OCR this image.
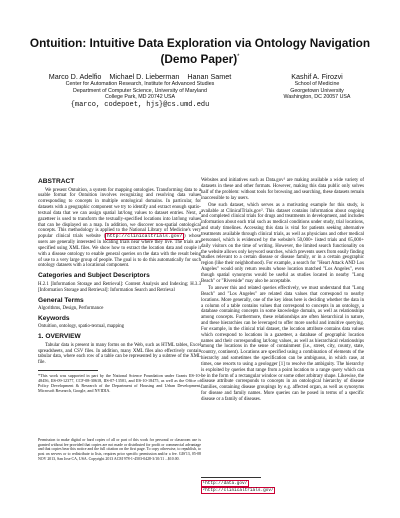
Ontuition: Intuitive Data Exploration via Ontology Navigation
(Demo Paper)*
Marco D. Adelfio    Michael D. Lieberman    Hanan Samet
Center for Automation Research, Institute for Advanced Studies
Department of Computer Science, University of Maryland
College Park, MD 20742 USA
{marco, codepoet, hjs}@cs.umd.edu
Kashif A. Firozvi
School of Medicine
Georgetown University
Washington, DC 20057 USA
ABSTRACT

We present Ontuition, a system for mapping ontologies. Transforming data to a usable format for Ontuition involves recognizing and resolving data values corresponding to concepts in multiple ontological domains. In particular, for datasets with a geographic component we try to identify and extract enough spatio-textual data that we can assign spatial lat/long values to dataset entries. Next, a gazetteer is used to transform the textually-specified locations into lat/long values that can be displayed on a map. In addition, we discover non-spatial ontological concepts. This methodology is applied to the National Library of Medicine's very popular clinical trials website ( http://clinicaltrials.gov/ ) whose users are generally interested in locating trials near where they live. The trials are specified using XML files. We show how to extract the location data and couple it with a disease ontology to enable general queries on the data with the result being of use to a very large group of people. The goal is to do this automatically for such ontology datasets with a locational component.

Categories and Subject Descriptors

H.2.1 [Information Storage and Retrieval]: Content Analysis and Indexing; H.3.3 [Information Storage and Retrieval]: Information Search and Retrieval

General Terms

Algorithms, Design, Performance

Keywords

Ontuition, ontology, spatio-textual, mapping

1. OVERVIEW

Tabular data is present in many forms on the Web, such as HTML tables, Excel spreadsheets, and CSV files. In addition, many XML files also effectively contain tabular data, where each row of a table can be represented by a subtree of the XML file.

*This work was supported in part by the National Science Foundation under Grants IIS-10-48456, IIS-09-12377, CCF-08-30618, IIS-07-13501, and IIS-10-18475, as well as the Office of Policy Development & Research of the Department of Housing and Urban Development, Microsoft Research, Google, and NVIDIA.
Permission to make digital or hard copies of all or part of this work for personal or classroom use is granted without fee provided that copies are not made or distributed for profit or commercial advantage and that copies bear this notice and the full citation on the first page. To copy otherwise, to republish, to post on servers or to redistribute to lists, requires prior specific permission and/or a fee. GIS'13, 05-08 NOV 2013, San Jose CA, USA. Copyright 2013 ACM 978-1-4503-0428-3/10/11 ...$10.00.

Websites and initiatives such as Data.gov¹ are making available a wide variety of datasets in these and other formats. However, making this data public only solves half of the problem: without tools for browsing and searching, these datasets remain inaccessible to lay users.

One such dataset, which serves as a motivating example for this study, is available at ClinicalTrials.gov². This dataset contains information about ongoing and completed clinical trials for drugs and treatments in development, and includes information about each trial such as medical conditions under study, trial locations, and study timelines. Accessing this data is vital for patients seeking alternative treatments available through clinical trials, as well as physicians and other medical personnel, which is evidenced by the website's 50,000+ listed trials and 65,000+ daily visitors on the time of writing. However, the limited search functionality on the website allows only keyword searches, which prevents users from easily finding studies relevant to a certain disease or disease family, or in a certain geographic region (like their neighborhood). For example, a search for "Heart Attack AND Los Angeles" would only return results whose location matched "Los Angeles", even though spatial synonyms would be useful as studies located in nearby "Long Beach" or "Riverside" may also be acceptable.

To answer this and related queries effectively, we must understand that "Long Beach" and "Los Angeles" are related data values that correspond to nearby locations. More generally, one of the key ideas here is deciding whether the data in a column of a table contains values that correspond to concepts in an ontology, a database containing concepts in some knowledge domain, as well as relationships among concepts. Furthermore, these relationships are often hierarchical in nature, and these hierarchies can be leveraged to offer more useful and intuitive querying. For example, in the clinical trial dataset, the location attribute contains data values which correspond to locations in a gazetteer, a database of geographic location names and their corresponding lat/long values, as well as hierarchical relationships among the locations in the sense of containment (i.e., street, city, county, state, country, continent). Locations are specified using a combination of elements of the hierarchy and sometimes the specification can be ambiguous, in which case, at times, one resorts to using a geologger [1] to resolve the ambiguity. The hierarchy is exploited by queries that range from a point location to a range query which can be in the form of a rectangular window or some other arbitrary shape. Likewise, the disease attribute corresponds to concepts in an ontological hierarchy of disease families, containing disease groupings by e.g. affected organ, as well as synonyms for disease and family names. More queries can be posed in terms of a specific disease or a family of diseases.

¹http://data.gov/
²http://clinicaltrials.gov/
